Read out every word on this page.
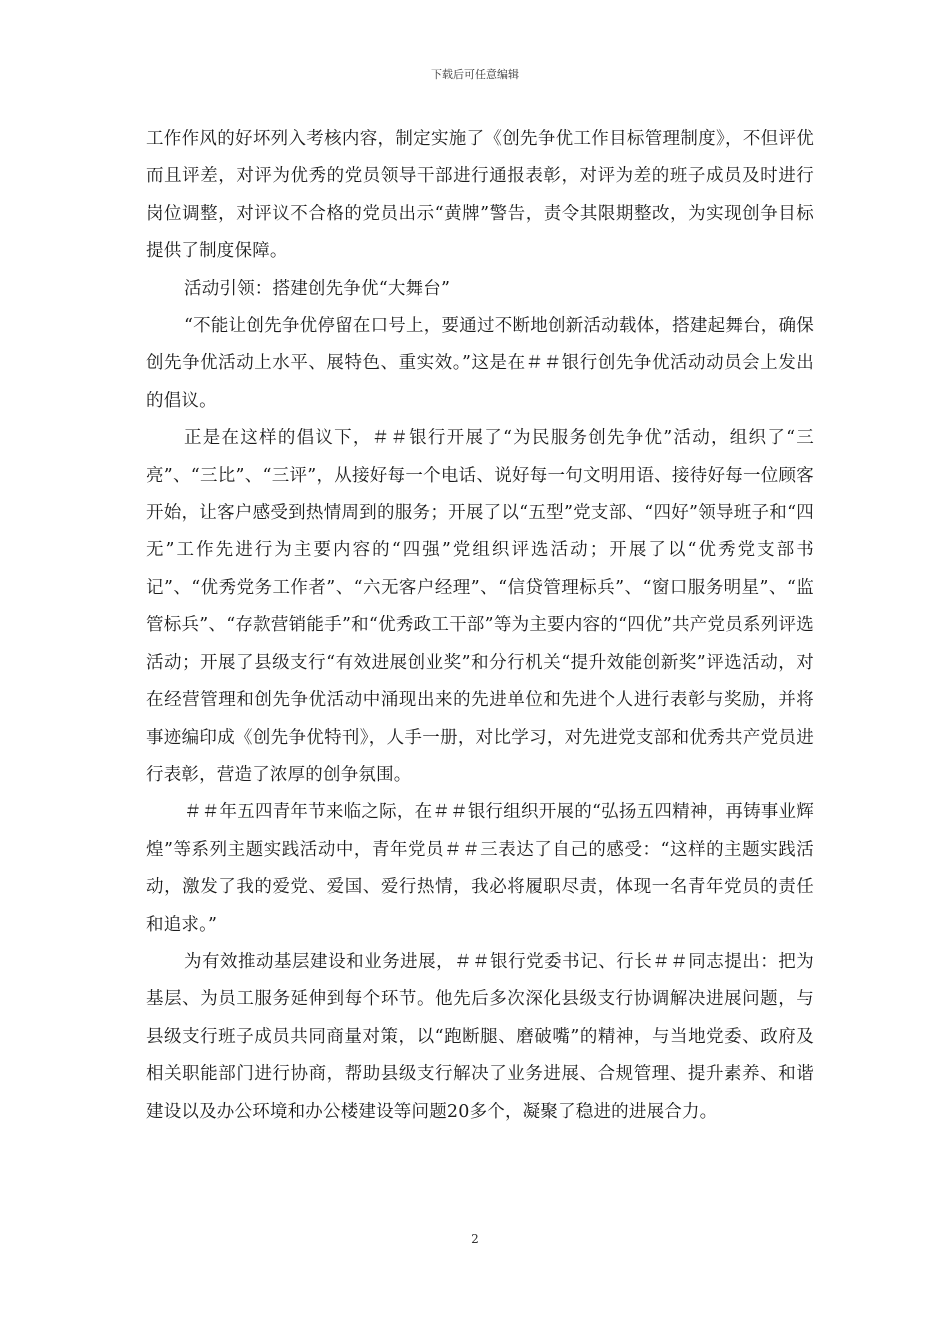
下载后可任意编辑

工作作风的好坏列入考核内容，制定实施了《创先争优工作目标管理制度》，不但评优而且评差，对评为优秀的党员领导干部进行通报表彰，对评为差的班子成员及时进行岗位调整，对评议不合格的党员出示“黄牌”警告，责令其限期整改，为实现创争目标提供了制度保障。

活动引领：搭建创先争优“大舞台”

“不能让创先争优停留在口号上，要通过不断地创新活动载体，搭建起舞台，确保创先争优活动上水平、展特色、重实效。”这是在＃＃银行创先争优活动动员会上发出的倡议。

正是在这样的倡议下，＃＃银行开展了“为民服务创先争优”活动，组织了“三亮”、“三比”、“三评”，从接好每一个电话、说好每一句文明用语、接待好每一位顾客开始，让客户感受到热情周到的服务；开展了以“五型”党支部、“四好”领导班子和“四无”工作先进行为主要内容的“四强”党组织评选活动；开展了以“优秀党支部书记”、“优秀党务工作者”、“六无客户经理”、“信贷管理标兵”、“窗口服务明星”、“监管标兵”、“存款营销能手”和“优秀政工干部”等为主要内容的“四优”共产党员系列评选活动；开展了县级支行“有效进展创业奖”和分行机关“提升效能创新奖”评选活动，对在经营管理和创先争优活动中涌现出来的先进单位和先进个人进行表彰与奖励，并将事迹编印成《创先争优特刊》，人手一册，对比学习，对先进党支部和优秀共产党员进行表彰，营造了浓厚的创争氛围。

＃＃年五四青年节来临之际，在＃＃银行组织开展的“弘扬五四精神，再铸事业辉煌”等系列主题实践活动中，青年党员＃＃三表达了自己的感受：“这样的主题实践活动，激发了我的爱党、爱国、爱行热情，我必将履职尽责，体现一名青年党员的责任和追求。”

为有效推动基层建设和业务进展，＃＃银行党委书记、行长＃＃同志提出：把为基层、为员工服务延伸到每个环节。他先后多次深化县级支行协调解决进展问题，与县级支行班子成员共同商量对策，以“跑断腿、磨破嘴”的精神，与当地党委、政府及相关职能部门进行协商，帮助县级支行解决了业务进展、合规管理、提升素养、和谐建设以及办公环境和办公楼建设等问题20多个，凝聚了稳进的进展合力。

2
